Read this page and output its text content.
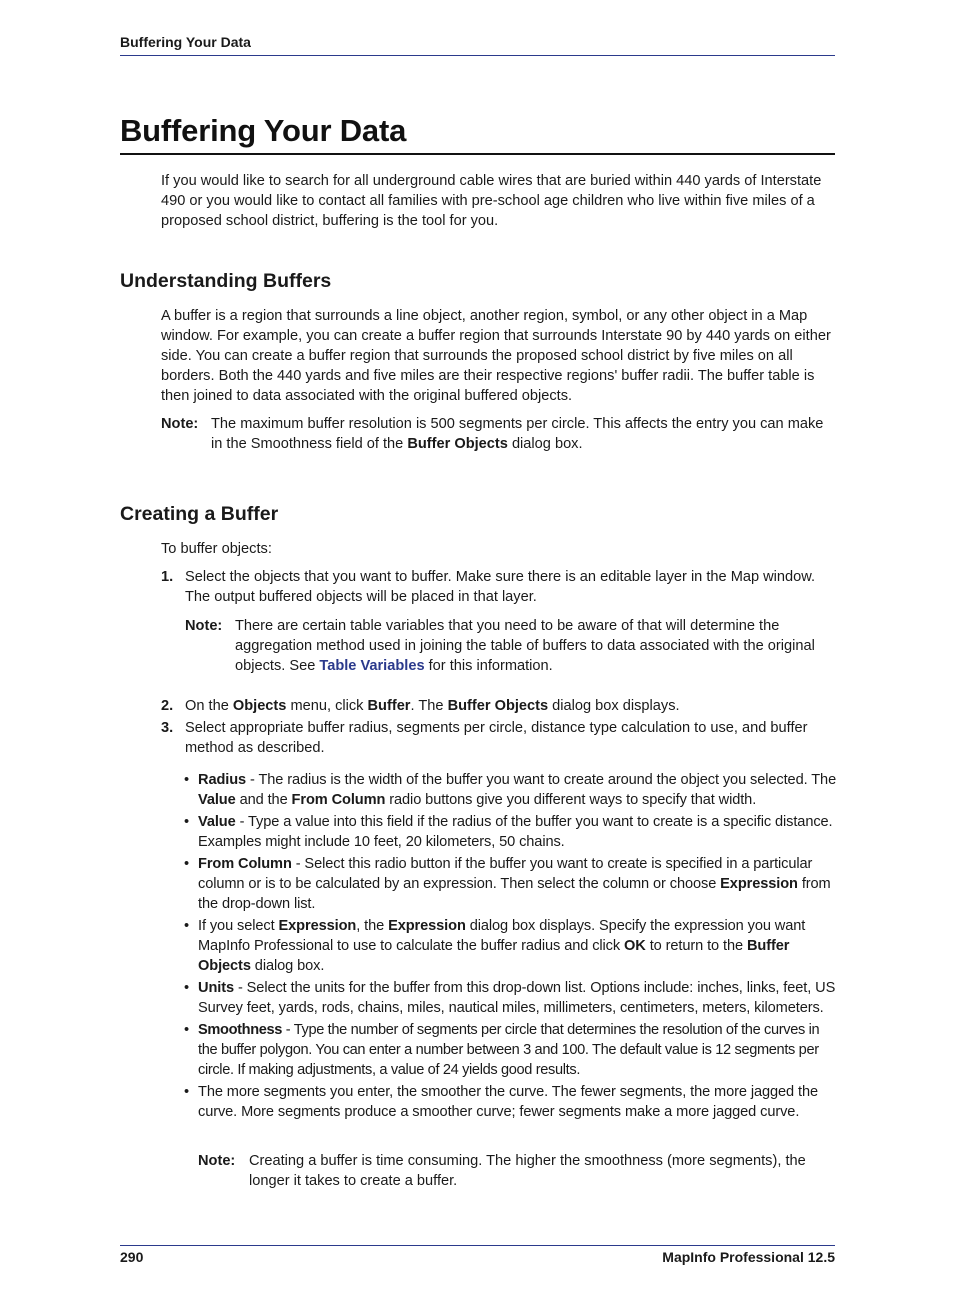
Buffering Your Data
Buffering Your Data
If you would like to search for all underground cable wires that are buried within 440 yards of Interstate 490 or you would like to contact all families with pre-school age children who live within five miles of a proposed school district, buffering is the tool for you.
Understanding Buffers
A buffer is a region that surrounds a line object, another region, symbol, or any other object in a Map window. For example, you can create a buffer region that surrounds Interstate 90 by 440 yards on either side. You can create a buffer region that surrounds the proposed school district by five miles on all borders. Both the 440 yards and five miles are their respective regions' buffer radii. The buffer table is then joined to data associated with the original buffered objects.
Note: The maximum buffer resolution is 500 segments per circle. This affects the entry you can make in the Smoothness field of the Buffer Objects dialog box.
Creating a Buffer
To buffer objects:
1. Select the objects that you want to buffer. Make sure there is an editable layer in the Map window. The output buffered objects will be placed in that layer.
Note: There are certain table variables that you need to be aware of that will determine the aggregation method used in joining the table of buffers to data associated with the original objects. See Table Variables for this information.
2. On the Objects menu, click Buffer. The Buffer Objects dialog box displays.
3. Select appropriate buffer radius, segments per circle, distance type calculation to use, and buffer method as described.
• Radius - The radius is the width of the buffer you want to create around the object you selected. The Value and the From Column radio buttons give you different ways to specify that width.
• Value - Type a value into this field if the radius of the buffer you want to create is a specific distance. Examples might include 10 feet, 20 kilometers, 50 chains.
• From Column - Select this radio button if the buffer you want to create is specified in a particular column or is to be calculated by an expression. Then select the column or choose Expression from the drop-down list.
• If you select Expression, the Expression dialog box displays. Specify the expression you want MapInfo Professional to use to calculate the buffer radius and click OK to return to the Buffer Objects dialog box.
• Units - Select the units for the buffer from this drop-down list. Options include: inches, links, feet, US Survey feet, yards, rods, chains, miles, nautical miles, millimeters, centimeters, meters, kilometers.
• Smoothness - Type the number of segments per circle that determines the resolution of the curves in the buffer polygon. You can enter a number between 3 and 100. The default value is 12 segments per circle. If making adjustments, a value of 24 yields good results.
• The more segments you enter, the smoother the curve. The fewer segments, the more jagged the curve. More segments produce a smoother curve; fewer segments make a more jagged curve.
Note: Creating a buffer is time consuming. The higher the smoothness (more segments), the longer it takes to create a buffer.
290	MapInfo Professional 12.5
